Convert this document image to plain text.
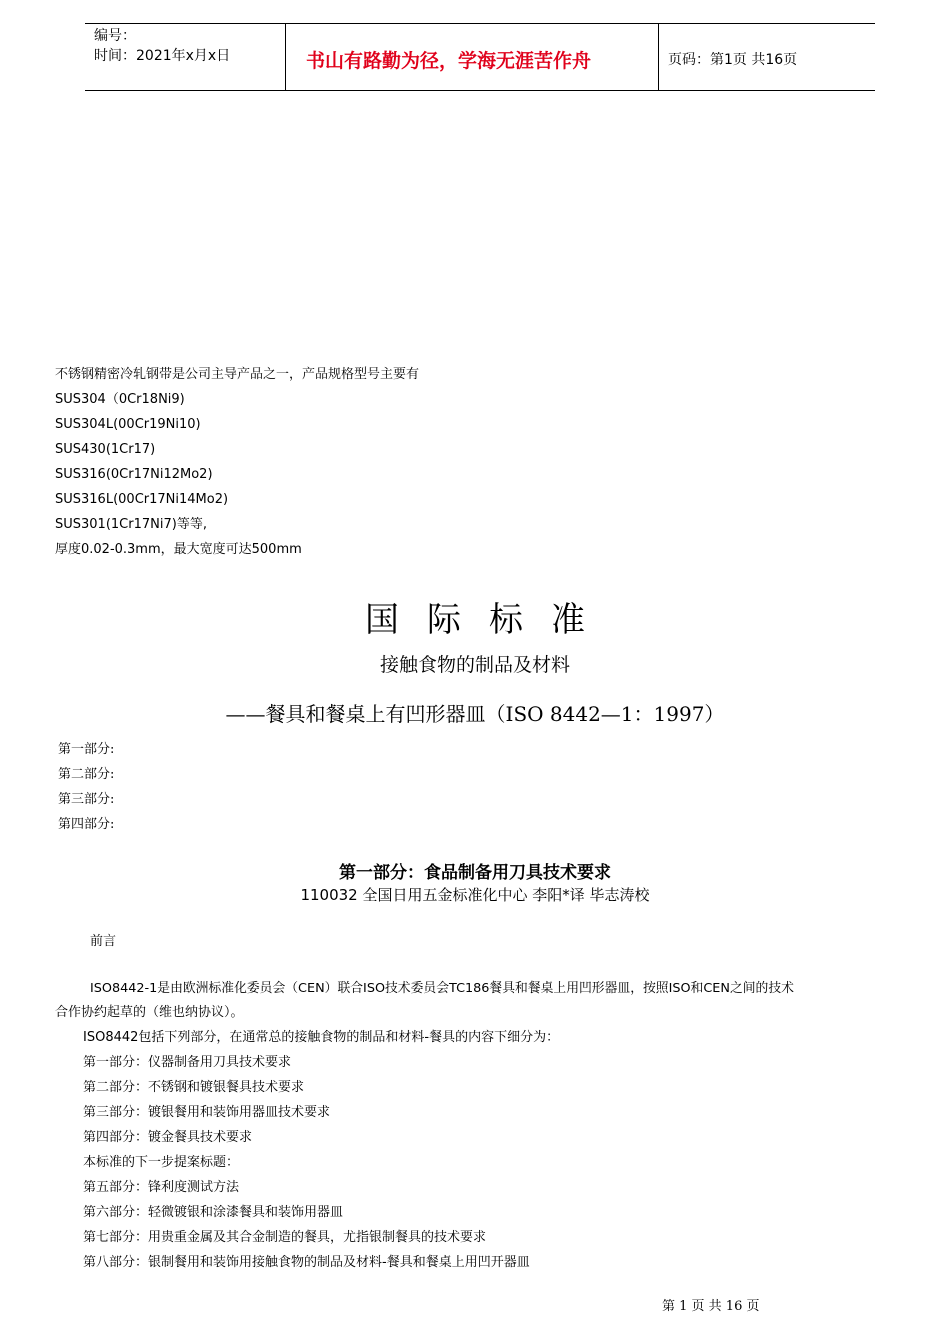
编号：
时间：2021年x月x日	书山有路勤为径，学海无涯苦作舟	页码：第1页 共16页
不锈钢精密冷轧钢带是公司主导产品之一，产品规格型号主要有
SUS304（0Cr18Ni9)
SUS304L(00Cr19Ni10)
SUS430(1Cr17)
SUS316(0Cr17Ni12Mo2)
SUS316L(00Cr17Ni14Mo2)
SUS301(1Cr17Ni7)等等,
厚度0.02-0.3mm，最大宽度可达500mm
国际标准
接触食物的制品及材料
——餐具和餐桌上有凹形器皿（ISO 8442—1：1997）
第一部分:
第二部分:
第三部分:
第四部分:
第一部分：食品制备用刀具技术要求
110032 全国日用五金标准化中心 李阳*译 毕志涛校
前言
ISO8442-1是由欧洲标准化委员会（CEN）联合ISO技术委员会TC186餐具和餐桌上用凹形器皿，按照ISO和CEN之间的技术
合作协约起草的（维也纳协议）。
ISO8442包括下列部分，在通常总的接触食物的制品和材料-餐具的内容下细分为：
第一部分：仪器制备用刀具技术要求
第二部分：不锈钢和镀银餐具技术要求
第三部分：镀银餐用和装饰用器皿技术要求
第四部分：镀金餐具技术要求
本标准的下一步提案标题：
第五部分：锋利度测试方法
第六部分：轻微镀银和涂漆餐具和装饰用器皿
第七部分：用贵重金属及其合金制造的餐具，尤指银制餐具的技术要求
第八部分：银制餐用和装饰用接触食物的制品及材料-餐具和餐桌上用凹开器皿
第 1 页 共 16 页
